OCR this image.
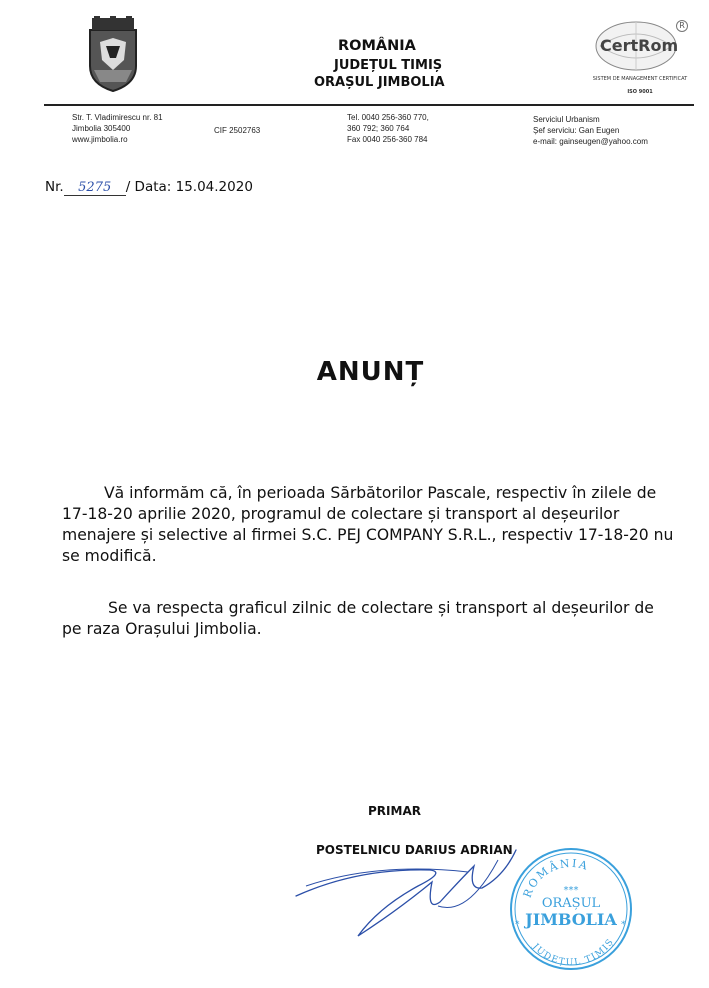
ROMÂNIA
JUDEȚUL TIMIȘ
ORAȘUL JIMBOLIA
CertRom
R
SISTEM DE MANAGEMENT CERTIFICAT
ISO 9001
Str. T. Vladimirescu nr. 81
Jimbolia 305400
www.jimbolia.ro
CIF 2502763
Tel. 0040 256-360 770,
360 792; 360 764
Fax 0040 256-360 784
Serviciul Urbanism
Șef serviciu: Gan Eugen
e-mail: gainseugen@yahoo.com
Nr. 5275 / Data: 15.04.2020
ANUNȚ
Vă informăm că, în perioada Sărbătorilor Pascale, respectiv în zilele de
17-18-20 aprilie 2020, programul de colectare și transport al deșeurilor
menajere și selective al firmei S.C. PEJ COMPANY S.R.L., respectiv 17-18-20 nu
se modifică.
Se va respecta graficul zilnic de colectare și transport al deșeurilor de
pe raza Orașului Jimbolia.
PRIMAR
POSTELNICU DARIUS ADRIAN
ROMÂNIA
***
ORAȘUL
JIMBOLIA
*	*
JUDEȚUL TIMIȘ
